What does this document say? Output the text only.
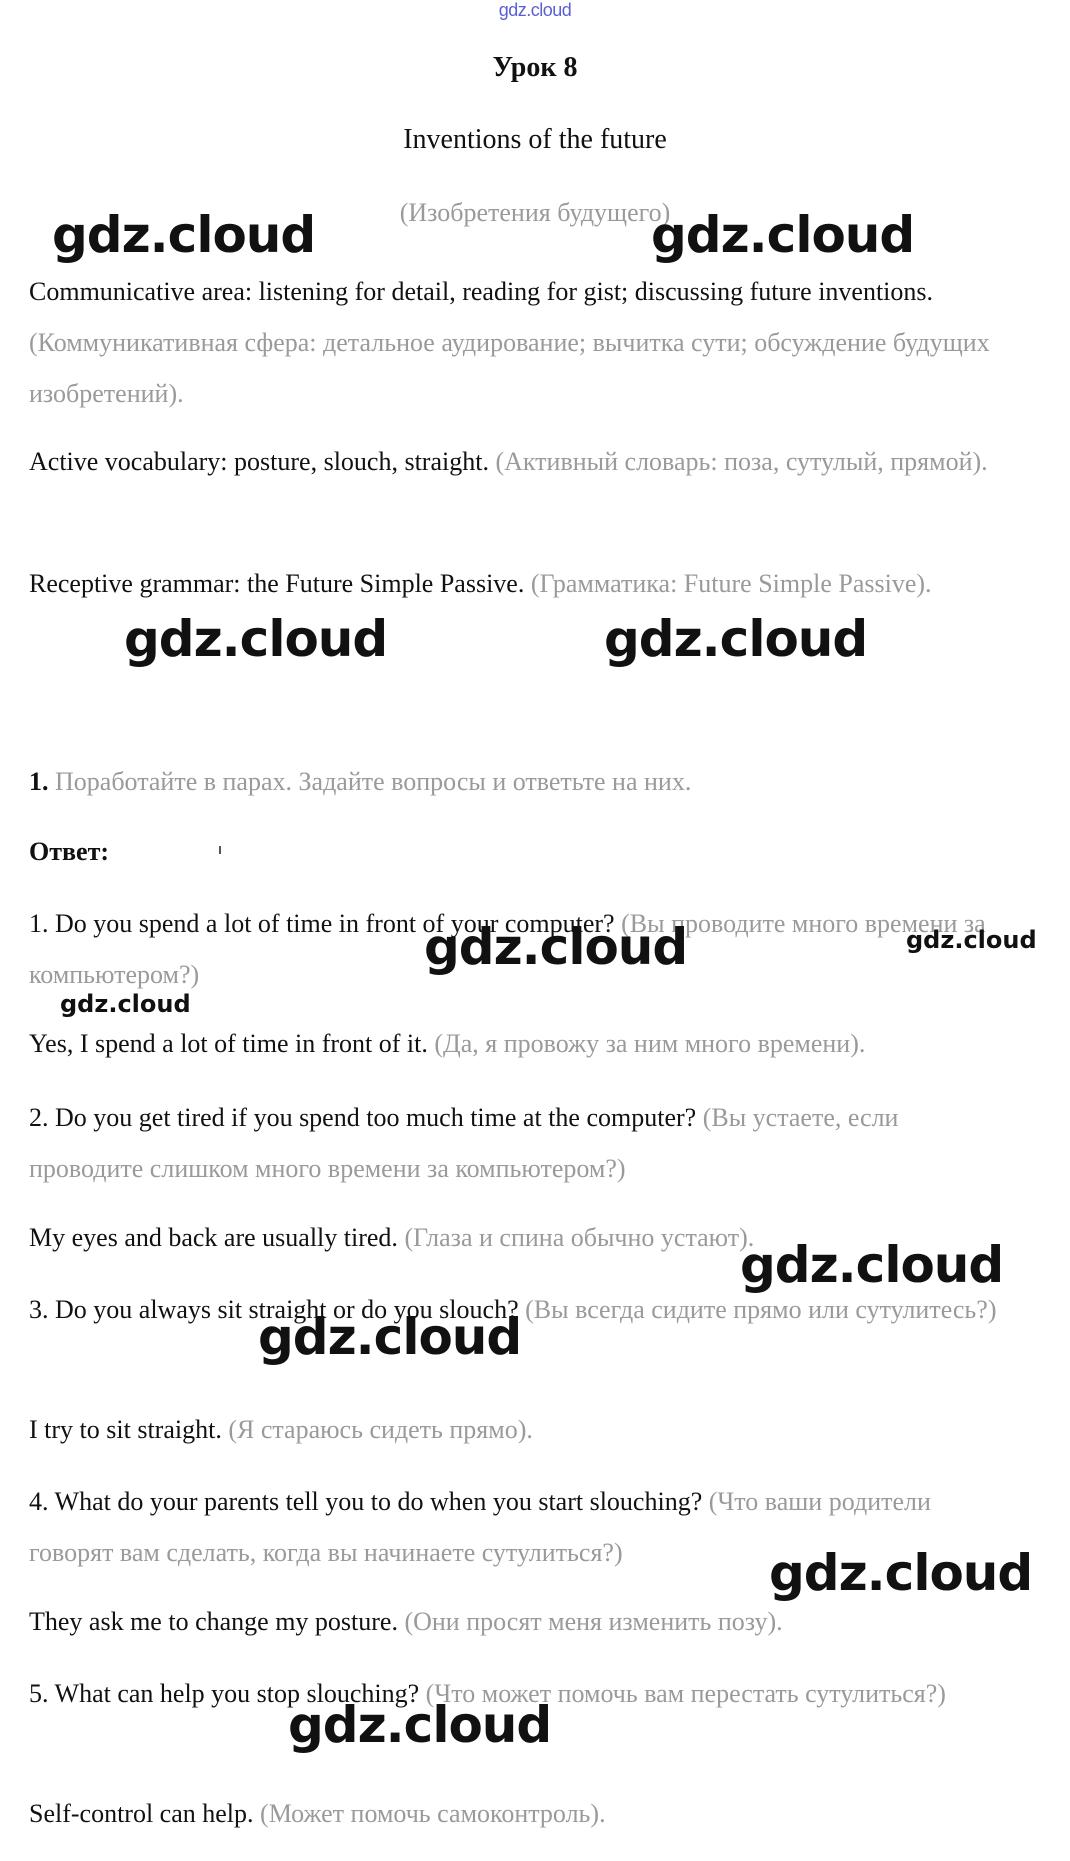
gdz.cloud
Урок 8
Inventions of the future
(Изобретения будущего)

Communicative area: listening for detail, reading for gist; discussing future inventions. (Коммуникативная сфера: детальное аудирование; вычитка сути; обсуждение будущих изобретений).

Active vocabulary: posture, slouch, straight. (Активный словарь: поза, сутулый, прямой).

Receptive grammar: the Future Simple Passive. (Грамматика: Future Simple Passive).

1. Поработайте в парах. Задайте вопросы и ответьте на них.

Ответ:

1. Do you spend a lot of time in front of your computer? (Вы проводите много времени за компьютером?)

Yes, I spend a lot of time in front of it. (Да, я провожу за ним много времени).

2. Do you get tired if you spend too much time at the computer? (Вы устаете, если проводите слишком много времени за компьютером?)

My eyes and back are usually tired. (Глаза и спина обычно устают).

3. Do you always sit straight or do you slouch? (Вы всегда сидите прямо или сутулитесь?)

I try to sit straight. (Я стараюсь сидеть прямо).

4. What do your parents tell you to do when you start slouching? (Что ваши родители говорят вам сделать, когда вы начинаете сутулиться?)

They ask me to change my posture. (Они просят меня изменить позу).

5. What can help you stop slouching? (Что может помочь вам перестать сутулиться?)

Self-control can help. (Может помочь самоконтроль).

gdz.cloud	gdz.cloud
gdz.cloud	gdz.cloud
gdz.cloud	gdz.cloud
gdz.cloud
gdz.cloud
gdz.cloud
gdz.cloud
gdz.cloud
